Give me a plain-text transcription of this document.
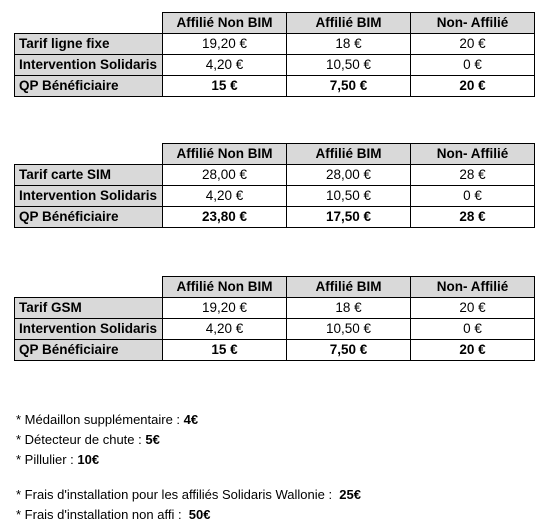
	Affilié Non BIM	Affilié BIM	Non- Affilié
Tarif ligne fixe	19,20 €	18 €	20 €
Intervention Solidaris	4,20 €	10,50 €	0 €
QP Bénéficiaire	15 €	7,50 €	20 €
	Affilié Non BIM	Affilié BIM	Non- Affilié
Tarif carte SIM	28,00 €	28,00 €	28 €
Intervention Solidaris	4,20 €	10,50 €	0 €
QP Bénéficiaire	23,80 €	17,50 €	28 €
	Affilié Non BIM	Affilié BIM	Non- Affilié
Tarif GSM	19,20 €	18 €	20 €
Intervention Solidaris	4,20 €	10,50 €	0 €
QP Bénéficiaire	15 €	7,50 €	20 €
* Médaillon supplémentaire : 4€
* Détecteur de chute : 5€
* Pillulier : 10€
* Frais d'installation pour les affiliés Solidaris Wallonie :  25€
* Frais d'installation non affi :  50€
